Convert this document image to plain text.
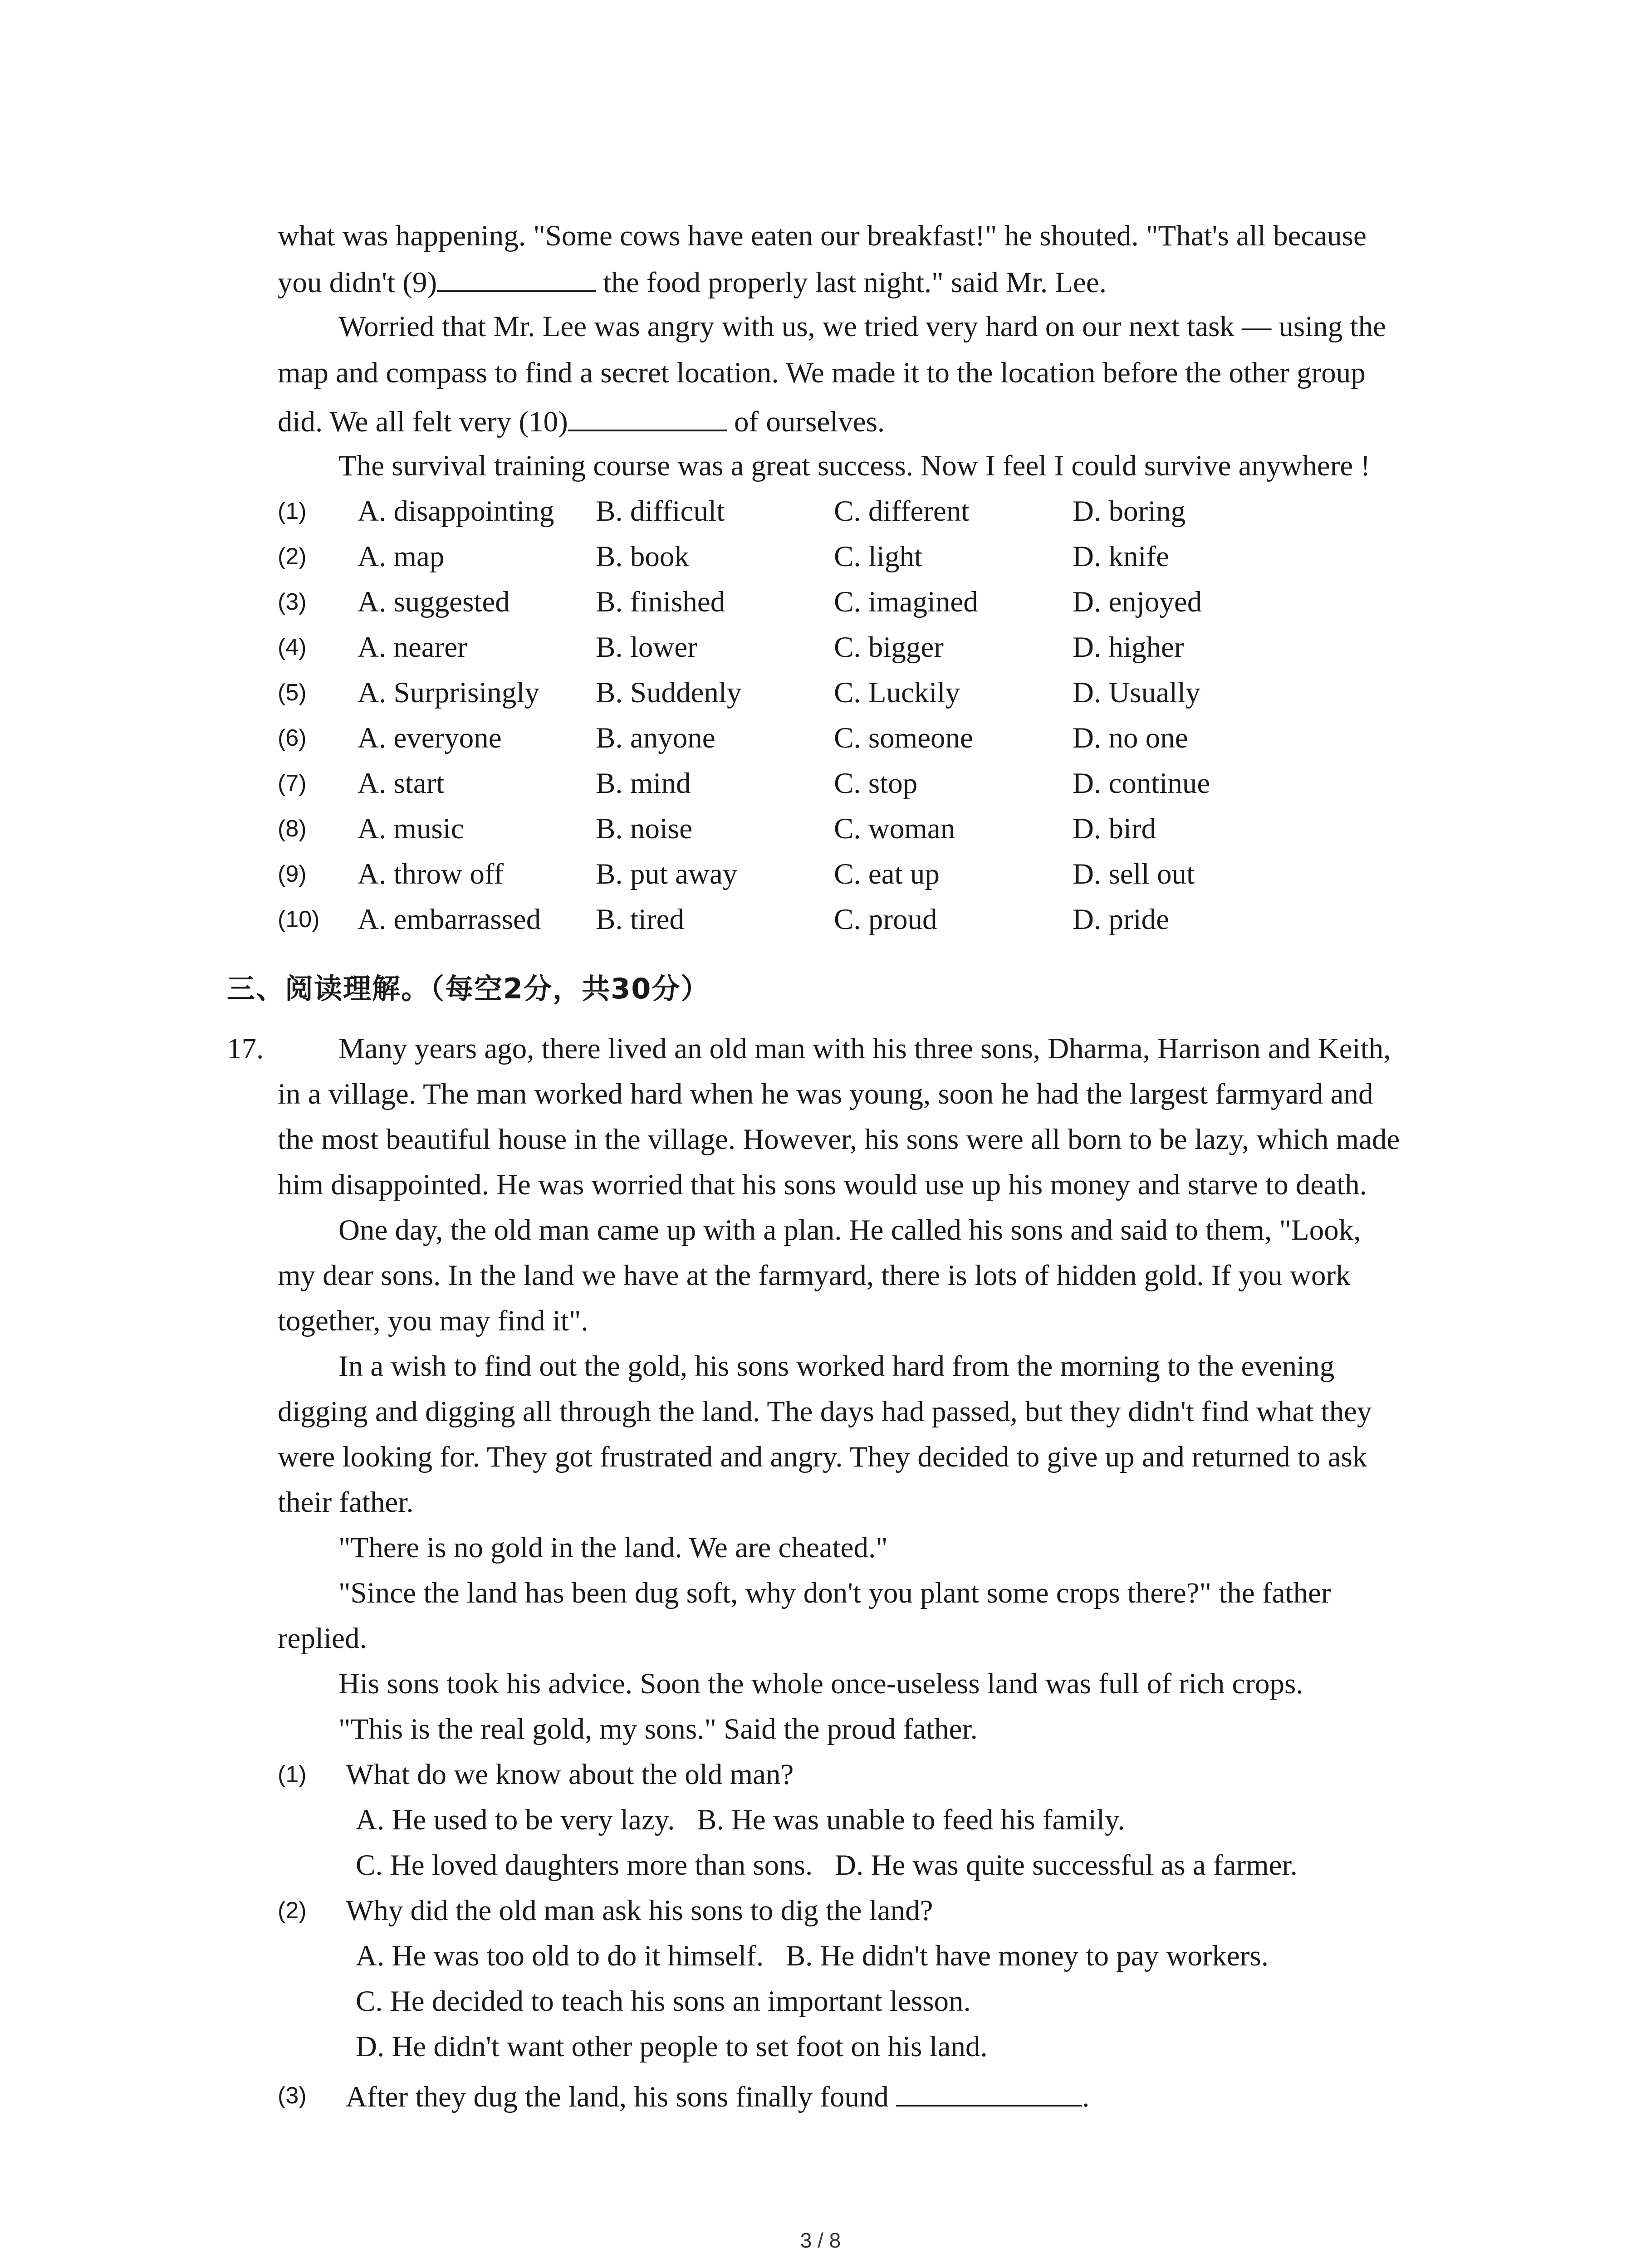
what was happening. "Some cows have eaten our breakfast!" he shouted. "That's all because
you didn't (9)	the food properly last night." said Mr. Lee.
Worried that Mr. Lee was angry with us, we tried very hard on our next task — using the
map and compass to find a secret location. We made it to the location before the other group
did. We all felt very (10)	of ourselves.
The survival training course was a great success. Now I feel I could survive anywhere !
(1) A. disappointing B. difficult	C. different	D. boring
(2) A. map	B. book	C. light	D. knife
(3) A. suggested	B. finished	C. imagined	D. enjoyed
(4) A. nearer	B. lower	C. bigger	D. higher
(5) A. Surprisingly B. Suddenly	C. Luckily	D. Usually
(6) A. everyone	B. anyone	C. someone	D. no one
(7) A. start	B. mind	C. stop	D. continue
(8) A. music	B. noise	C. woman	D. bird
(9) A. throw off	B. put away	C. eat up	D. sell out
(10) A. embarrassed B. tired	C. proud	D. pride
三、阅读理解。（每空2分，共30分）
17.	Many years ago, there lived an old man with his three sons, Dharma, Harrison and Keith,
in a village. The man worked hard when he was young, soon he had the largest farmyard and
the most beautiful house in the village. However, his sons were all born to be lazy, which made
him disappointed. He was worried that his sons would use up his money and starve to death.
One day, the old man came up with a plan. He called his sons and said to them, "Look,
my dear sons. In the land we have at the farmyard, there is lots of hidden gold. If you work
together, you may find it".
In a wish to find out the gold, his sons worked hard from the morning to the evening
digging and digging all through the land. The days had passed, but they didn't find what they
were looking for. They got frustrated and angry. They decided to give up and returned to ask
their father.
"There is no gold in the land. We are cheated."
"Since the land has been dug soft, why don't you plant some crops there?" the father
replied.
His sons took his advice. Soon the whole once-useless land was full of rich crops.
"This is the real gold, my sons." Said the proud father.
(1) What do we know about the old man?
A. He used to be very lazy.   B. He was unable to feed his family.
C. He loved daughters more than sons.   D. He was quite successful as a farmer.
(2) Why did the old man ask his sons to dig the land?
A. He was too old to do it himself.   B. He didn't have money to pay workers.
C. He decided to teach his sons an important lesson.
D. He didn't want other people to set foot on his land.
(3) After they dug the land, his sons finally found	.
3 / 8
